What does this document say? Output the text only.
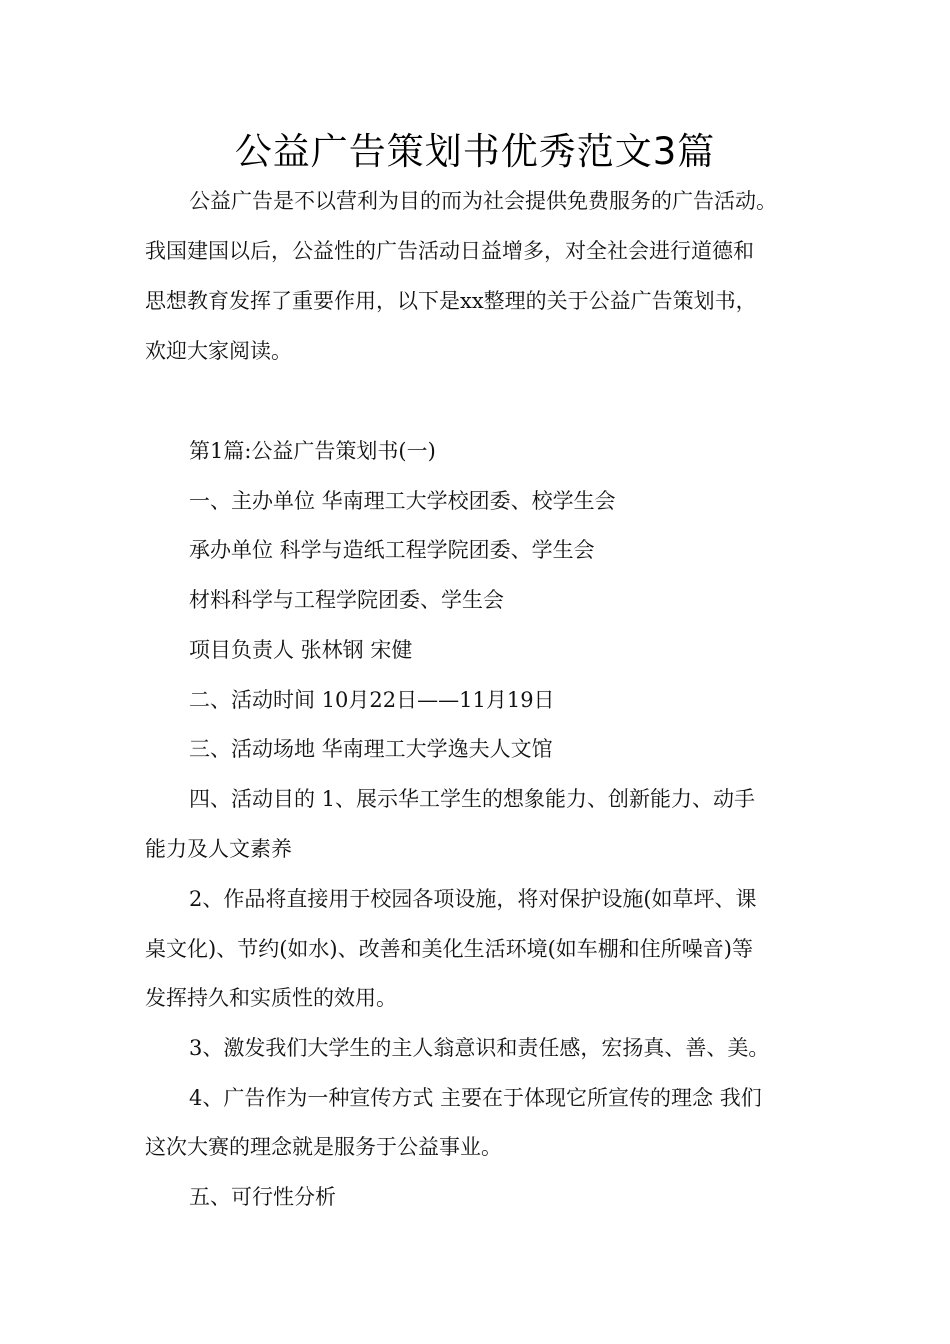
公益广告策划书优秀范文3篇
公益广告是不以营利为目的而为社会提供免费服务的广告活动。
我国建国以后，公益性的广告活动日益增多，对全社会进行道德和
思想教育发挥了重要作用，以下是xx整理的关于公益广告策划书，
欢迎大家阅读。
第1篇:公益广告策划书(一)
一、主办单位 华南理工大学校团委、校学生会
承办单位 科学与造纸工程学院团委、学生会
材料科学与工程学院团委、学生会
项目负责人 张林钢 宋健
二、活动时间 10月22日——11月19日
三、活动场地 华南理工大学逸夫人文馆
四、活动目的 1、展示华工学生的想象能力、创新能力、动手
能力及人文素养
2、作品将直接用于校园各项设施，将对保护设施(如草坪、课
桌文化)、节约(如水)、改善和美化生活环境(如车棚和住所噪音)等
发挥持久和实质性的效用。
3、激发我们大学生的主人翁意识和责任感，宏扬真、善、美。
4、广告作为一种宣传方式 主要在于体现它所宣传的理念 我们
这次大赛的理念就是服务于公益事业。
五、可行性分析
